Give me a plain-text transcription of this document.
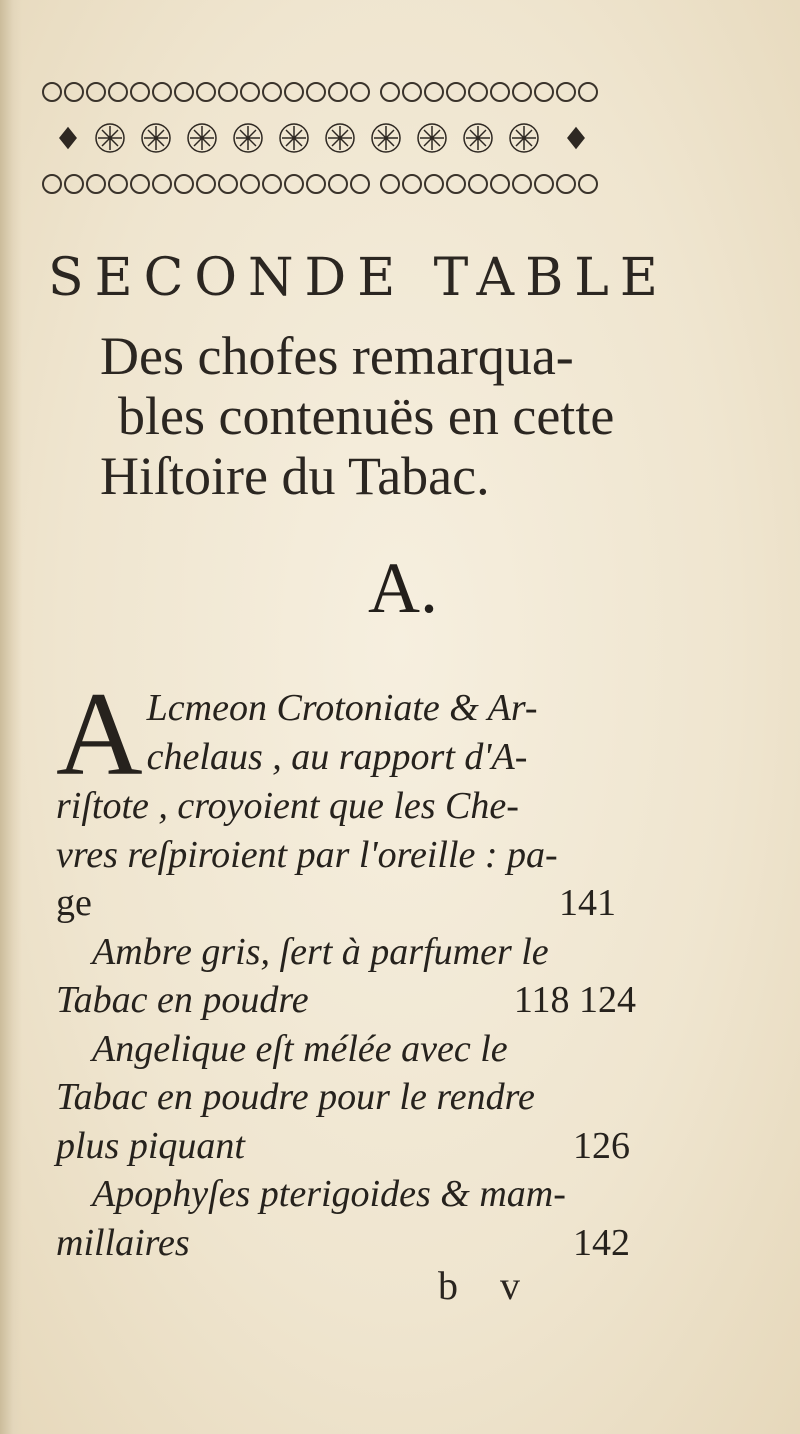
SECONDE TABLE
Des chofes remarqua-
bles contenuës en cette
Hiſtoire du Tabac.
A.
A Lcmeon Crotoniate & Ar-
chelaus , au rapport d'A-
riſtote , croyoient que les Che-
vres reſpiroient par l'oreille : pa-
ge	141
Ambre gris, ſert à parfumer le
Tabac en poudre	118 124
Angelique eſt mélée avec le
Tabac en poudre pour le rendre
plus piquant	126
Apophyſes pterigoides & mam-
millaires	142
b v
